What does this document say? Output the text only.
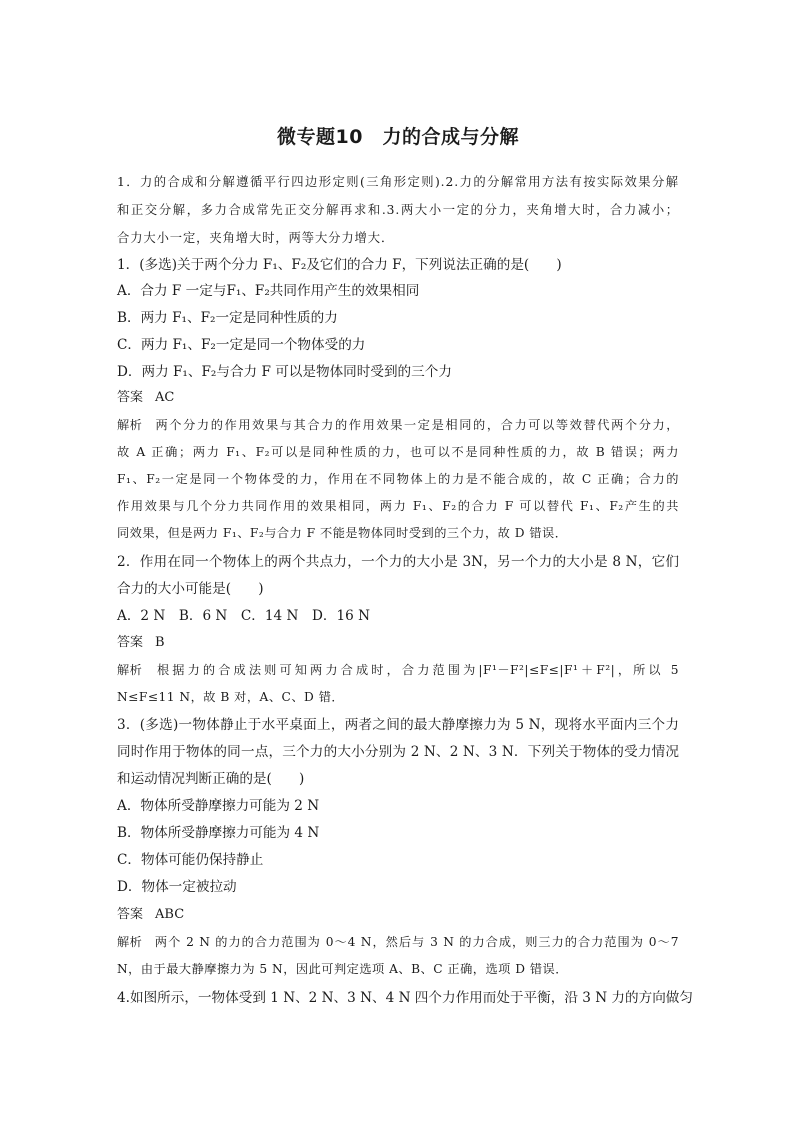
微专题10　力的合成与分解
1．力的合成和分解遵循平行四边形定则(三角形定则).2.力的分解常用方法有按实际效果分解
和正交分解，多力合成常先正交分解再求和.3.两大小一定的分力，夹角增大时，合力减小；
合力大小一定，夹角增大时，两等大分力增大．
1．(多选)关于两个分力 F₁、F₂及它们的合力 F，下列说法正确的是(　　)
A．合力 F 一定与F₁、F₂共同作用产生的效果相同
B．两力 F₁、F₂一定是同种性质的力
C．两力 F₁、F₂一定是同一个物体受的力
D．两力 F₁、F₂与合力 F 可以是物体同时受到的三个力
答案 AC
解析 两个分力的作用效果与其合力的作用效果一定是相同的，合力可以等效替代两个分力，
故 A 正确；两力 F₁、F₂可以是同种性质的力，也可以不是同种性质的力，故 B 错误；两力
F₁、F₂一定是同一个物体受的力，作用在不同物体上的力是不能合成的，故 C 正确；合力的
作用效果与几个分力共同作用的效果相同，两力 F₁、F₂的合力 F 可以替代 F₁、F₂产生的共
同效果，但是两力 F₁、F₂与合力 F 不能是物体同时受到的三个力，故 D 错误．
2．作用在同一个物体上的两个共点力，一个力的大小是 3N，另一个力的大小是 8 N，它们
合力的大小可能是(　　)
A．2 N　B．6 N　C．14 N　D．16 N
答案 B
解析 根据力的合成法则可知两力合成时，合力范围为|F¹－F²|≤F≤|F¹＋F²|，所以 5
N≤F≤11 N，故 B 对，A、C、D 错．
3．(多选)一物体静止于水平桌面上，两者之间的最大静摩擦力为 5 N，现将水平面内三个力
同时作用于物体的同一点，三个力的大小分别为 2 N、2 N、3 N．下列关于物体的受力情况
和运动情况判断正确的是(　　)
A．物体所受静摩擦力可能为 2 N
B．物体所受静摩擦力可能为 4 N
C．物体可能仍保持静止
D．物体一定被拉动
答案 ABC
解析 两个 2 N 的力的合力范围为 0～4 N，然后与 3 N 的力合成，则三力的合力范围为 0～7
N，由于最大静摩擦力为 5 N，因此可判定选项 A、B、C 正确，选项 D 错误．
4.如图所示，一物体受到 1 N、2 N、3 N、4 N 四个力作用而处于平衡，沿 3 N 力的方向做匀
